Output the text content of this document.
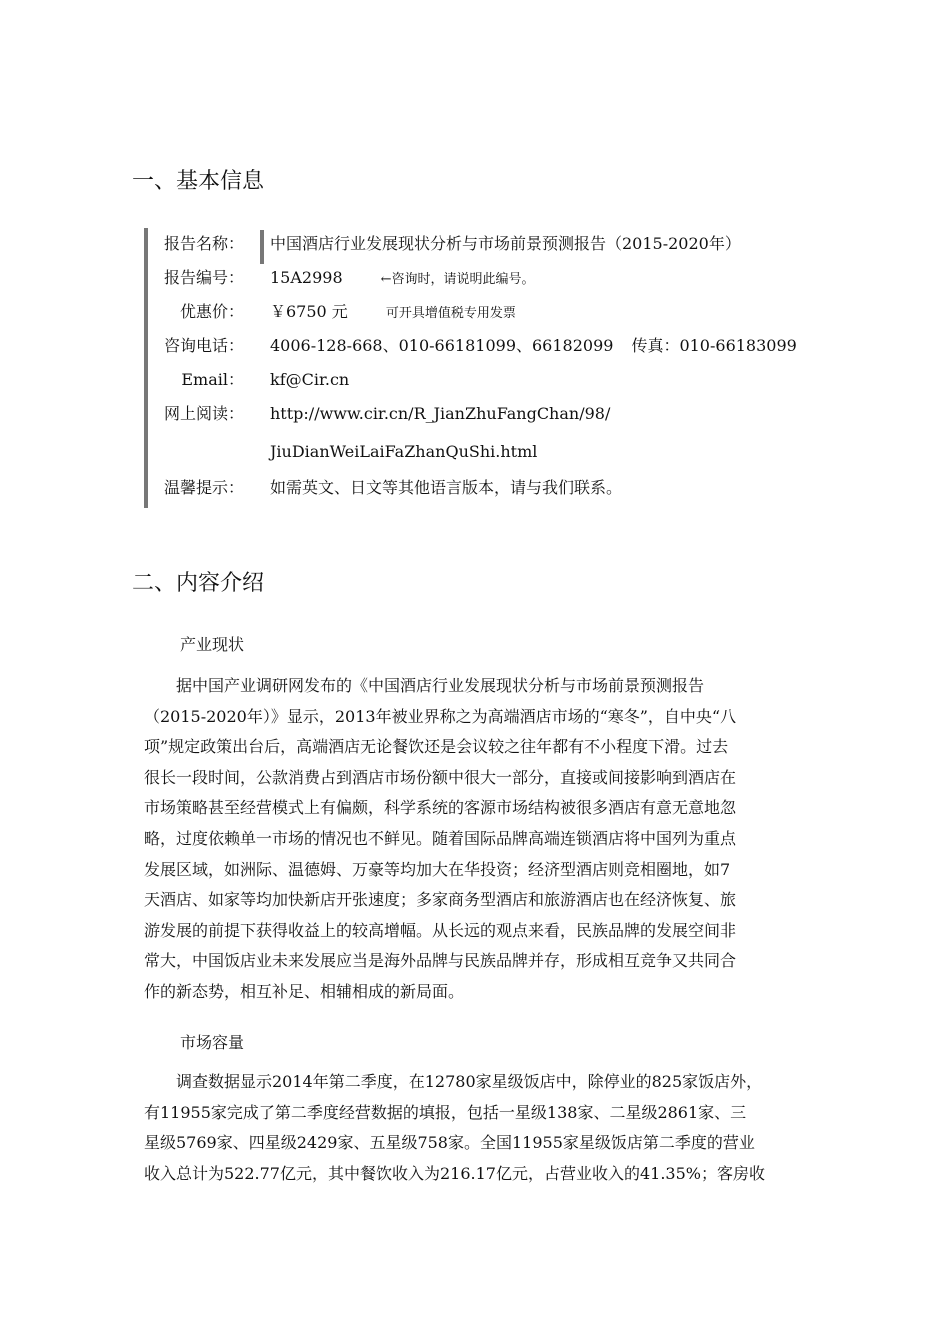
一、基本信息
报告名称： 中国酒店行业发展现状分析与市场前景预测报告（2015-2020年）
报告编号： 15A2998	←咨询时，请说明此编号。
优惠价： ￥6750 元	可开具增值税专用发票
咨询电话： 4006-128-668、010-66181099、66182099 传真：010-66183099
Email： kf@Cir.cn
网上阅读： http://www.cir.cn/R_JianZhuFangChan/98/
JiuDianWeiLaiFaZhanQuShi.html
温馨提示： 如需英文、日文等其他语言版本，请与我们联系。
二、内容介绍
产业现状
据中国产业调研网发布的《中国酒店行业发展现状分析与市场前景预测报告
（2015-2020年）》显示，2013年被业界称之为高端酒店市场的“寒冬”，自中央“八
项”规定政策出台后，高端酒店无论餐饮还是会议较之往年都有不小程度下滑。过去
很长一段时间，公款消费占到酒店市场份额中很大一部分，直接或间接影响到酒店在
市场策略甚至经营模式上有偏颇，科学系统的客源市场结构被很多酒店有意无意地忽
略，过度依赖单一市场的情况也不鲜见。随着国际品牌高端连锁酒店将中国列为重点
发展区域，如洲际、温德姆、万豪等均加大在华投资；经济型酒店则竞相圈地，如7
天酒店、如家等均加快新店开张速度；多家商务型酒店和旅游酒店也在经济恢复、旅
游发展的前提下获得收益上的较高增幅。从长远的观点来看，民族品牌的发展空间非
常大，中国饭店业未来发展应当是海外品牌与民族品牌并存，形成相互竞争又共同合
作的新态势，相互补足、相辅相成的新局面。
市场容量
调查数据显示2014年第二季度，在12780家星级饭店中，除停业的825家饭店外，
有11955家完成了第二季度经营数据的填报，包括一星级138家、二星级2861家、三
星级5769家、四星级2429家、五星级758家。全国11955家星级饭店第二季度的营业
收入总计为522.77亿元，其中餐饮收入为216.17亿元，占营业收入的41.35%；客房收
